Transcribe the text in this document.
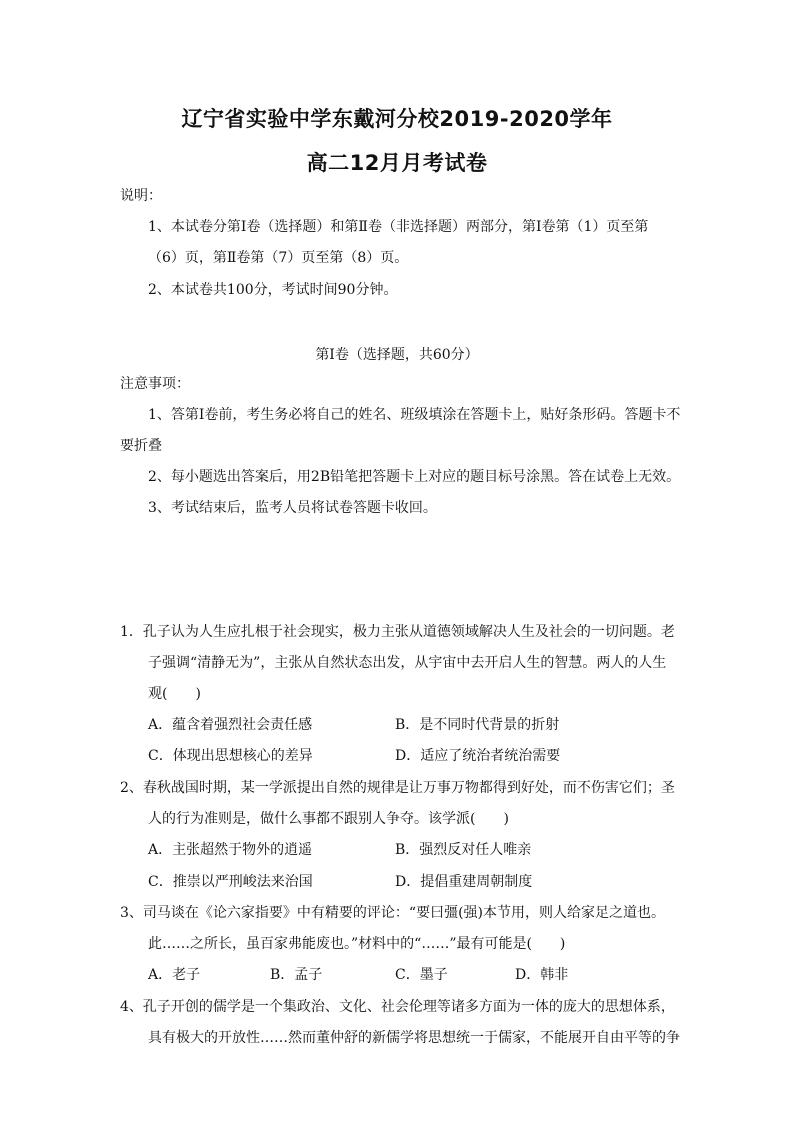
辽宁省实验中学东戴河分校2019-2020学年
高二12月月考试卷
说明：
1、本试卷分第Ⅰ卷（选择题）和第Ⅱ卷（非选择题）两部分，第Ⅰ卷第（1）页至第
（6）页，第Ⅱ卷第（7）页至第（8）页。
2、本试卷共100分，考试时间90分钟。
第Ⅰ卷（选择题，共60分）
注意事项：
1、答第Ⅰ卷前，考生务必将自己的姓名、班级填涂在答题卡上，贴好条形码。答题卡不
要折叠
2、每小题选出答案后，用2B铅笔把答题卡上对应的题目标号涂黑。答在试卷上无效。
3、考试结束后，监考人员将试卷答题卡收回。
1．孔子认为人生应扎根于社会现实，极力主张从道德领域解决人生及社会的一切问题。老
子强调“清静无为”，主张从自然状态出发，从宇宙中去开启人生的智慧。两人的人生
观(　　)
A．蕴含着强烈社会责任感	B．是不同时代背景的折射
C．体现出思想核心的差异	D．适应了统治者统治需要
2、春秋战国时期，某一学派提出自然的规律是让万事万物都得到好处，而不伤害它们；圣
人的行为准则是，做什么事都不跟别人争夺。该学派(　　)
A．主张超然于物外的逍遥	B．强烈反对任人唯亲
C．推崇以严刑峻法来治国	D．提倡重建周朝制度
3、司马谈在《论六家指要》中有精要的评论：“要曰彊(强)本节用，则人给家足之道也。
此……之所长，虽百家弗能废也。”材料中的“……”最有可能是(　　)
A．老子	B．孟子	C．墨子	D．韩非
4、孔子开创的儒学是一个集政治、文化、社会伦理等诸多方面为一体的庞大的思想体系，
具有极大的开放性……然而董仲舒的新儒学将思想统一于儒家，不能展开自由平等的争
